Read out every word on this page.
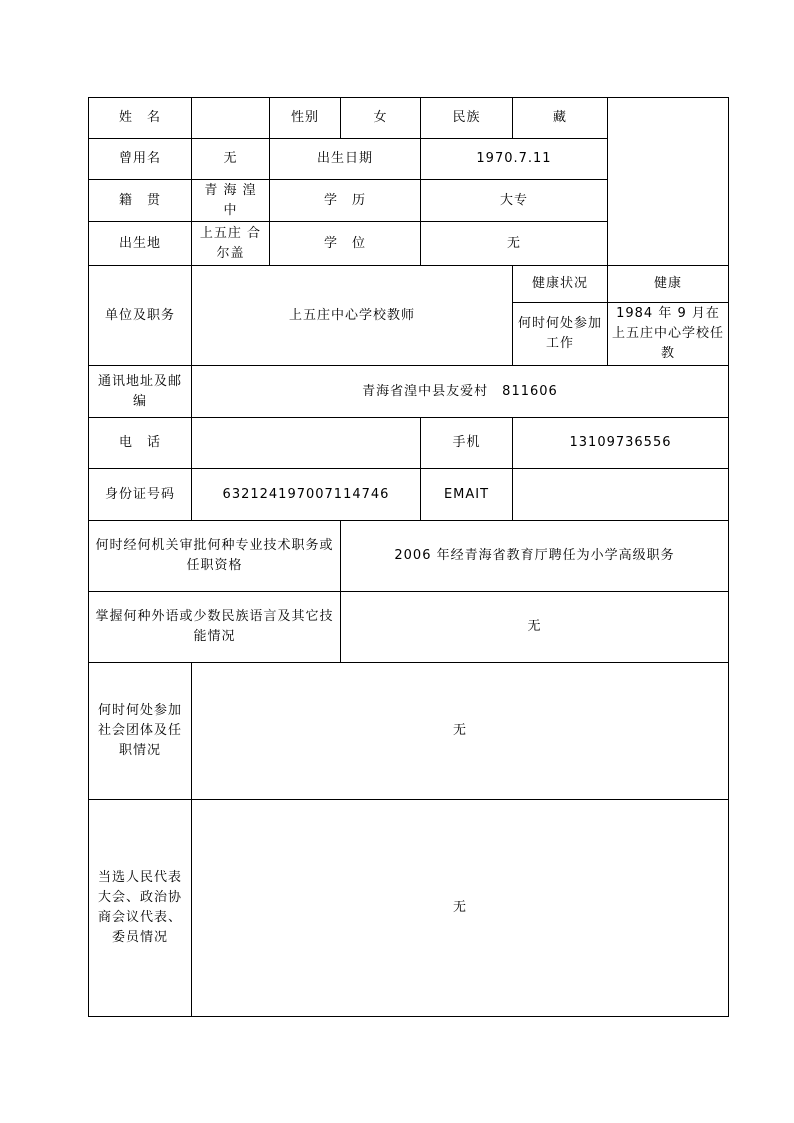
姓　名		性别	女	民族	藏	
曾用名	无	出生日期		1970.7.11		
籍　贯	青 海 湟 中	学　历		大专		
出生地	上五庄 合尔盖	学　位		无		
单位及职务	上五庄中心学校教师				健康状况	健康
					何时何处参加工作	1984 年 9 月在上五庄中心学校任教
通讯地址及邮编	青海省湟中县友爱村　811606					
电　话				手机	13109736556	
身份证号码	632124197007114746			EMAIT		
何时经何机关审批何种专业技术职务或任职资格			2006 年经青海省教育厅聘任为小学高级职务			
掌握何种外语或少数民族语言及其它技能情况			无			
何时何处参加社会团体及任职情况	无					
当选人民代表大会、政治协商会议代表、委员情况	无					
